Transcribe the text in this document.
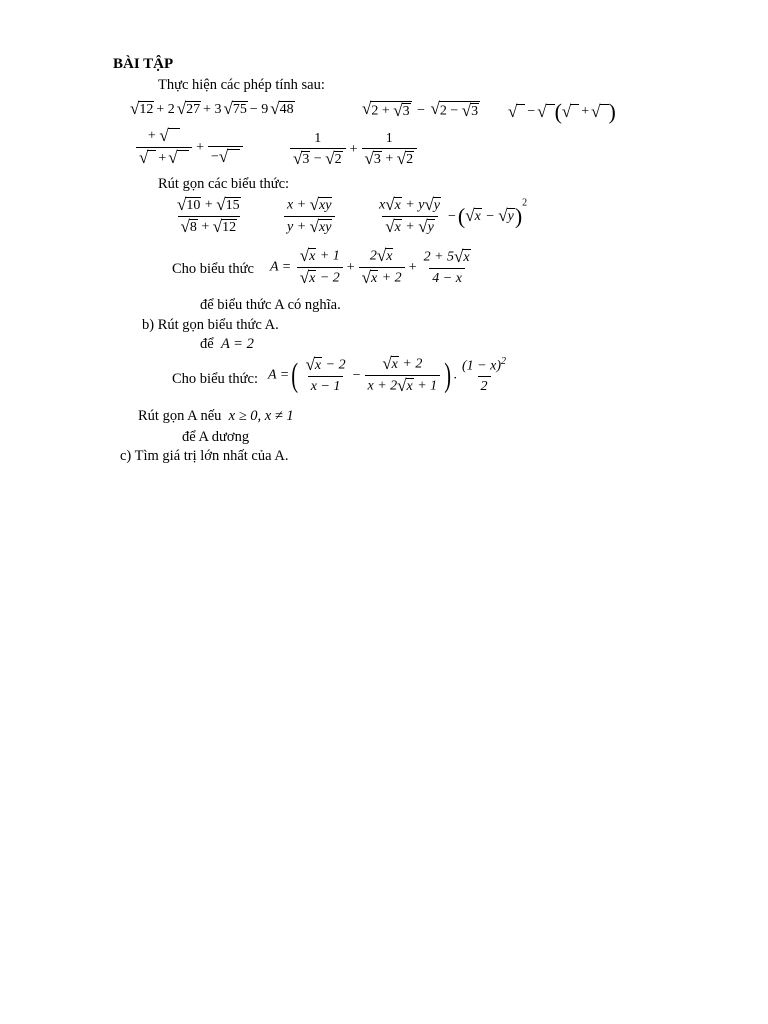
BÀI TẬP
Thực hiện các phép tính sau:
√ 12 + 2 √ 27 + 3 √ 75 − 9 √ 48	√ 2 + √ 3 − √ 2 − √ 3 √
− √
( √
+ √
)
+ √

√
+ √
+

− √
	$\frac{1}{√ 3 - √ 2} + \frac{1}{√ 3 + √ 2}$
Rút gọn các biểu thức:
$\frac{√ 10 + √ 15}{√ 8 + √ 12}$	$\frac{x + √ xy}{y + √ xy}$	$\frac{x √ x + y √ y}{√ x + √ y}$ −( √ x − √ y )$^2$
Cho biểu thức $A = \frac{√ x + 1}{√ x - 2} + \frac{2 √ x}{√ x + 2} + \frac{2 + 5 √ x}{4 - x}$
để biểu thức A có nghĩa.
b) Rút gọn biểu thức A.
để A = 2
Cho biểu thức: A =( $\frac{√ x - 2}{x - 1} - \frac{√ x + 2}{x + 2 √ x + 1}$ ) . $\frac{(1 - x)^2}{2}$
Rút gọn A nếu x ≥ 0, x ≠ 1
để A dương
c) Tìm giá trị lớn nhất của A.
